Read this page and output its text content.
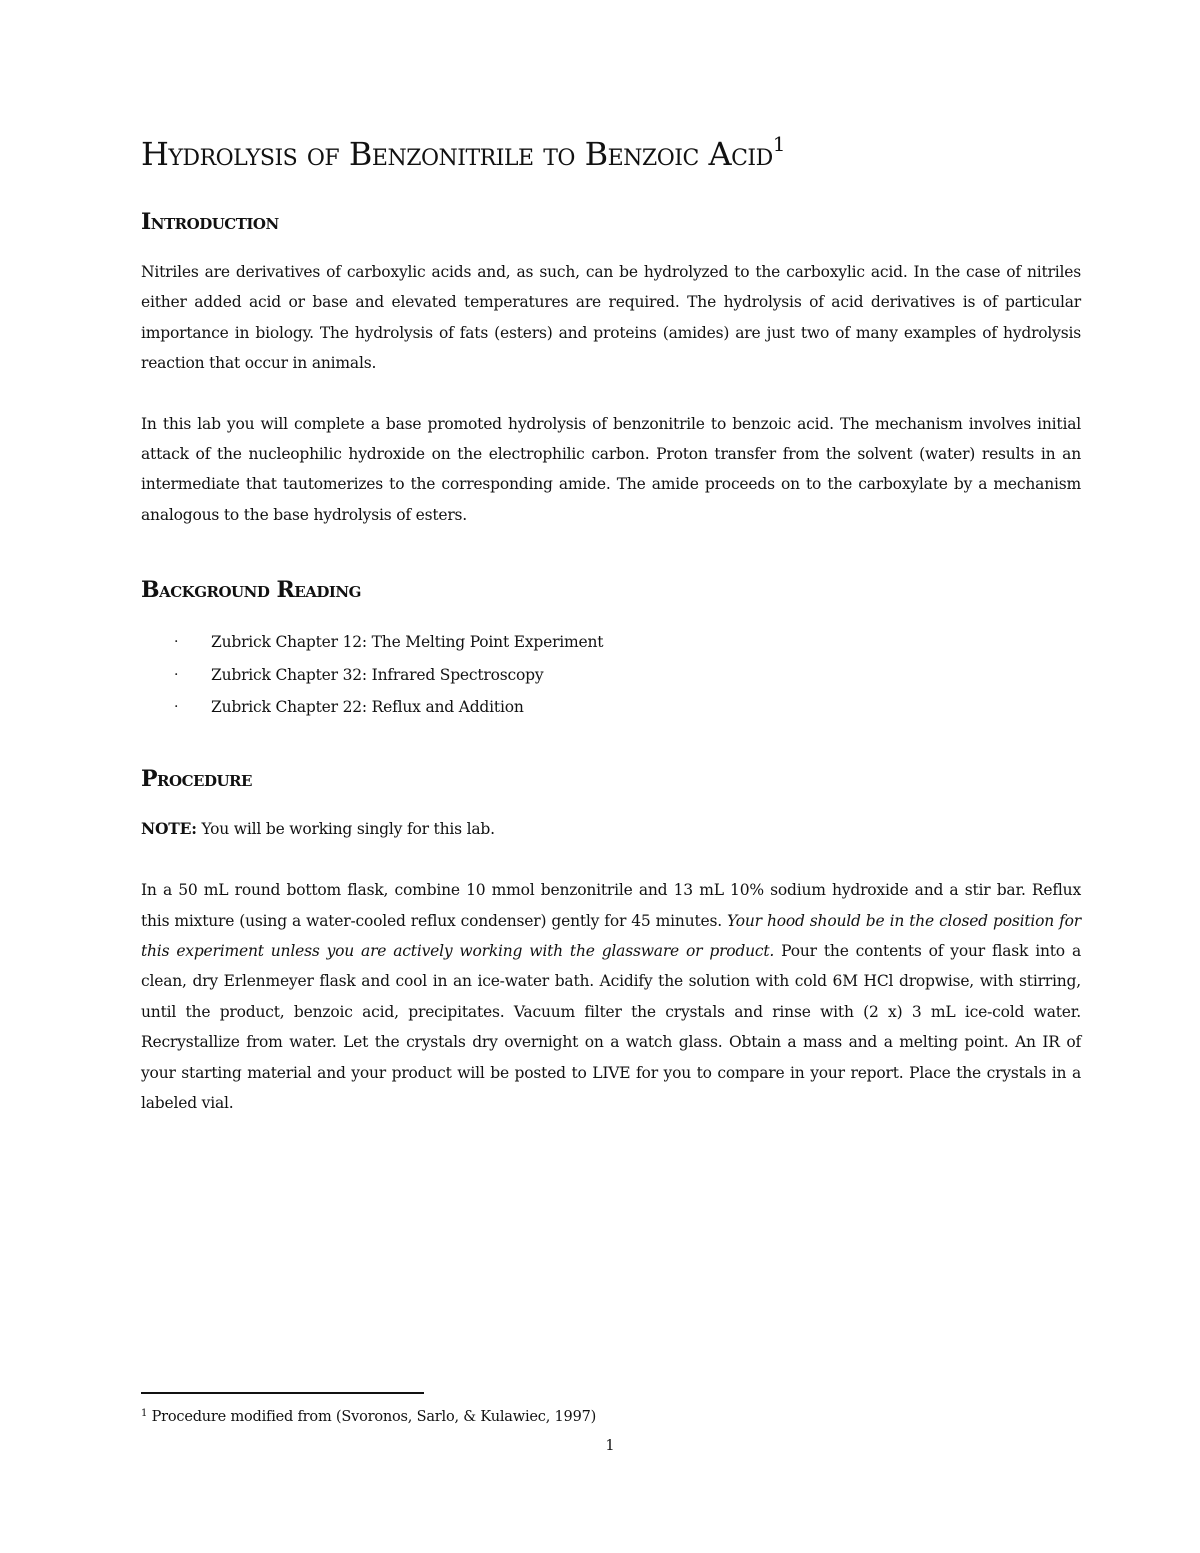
Hydrolysis of Benzonitrile to Benzoic Acid$^1$
Introduction

Nitriles are derivatives of carboxylic acids and, as such, can be hydrolyzed to the carboxylic acid. In the case of nitriles either added acid or base and elevated temperatures are required. The hydrolysis of acid derivatives is of particular importance in biology. The hydrolysis of fats (esters) and proteins (amides) are just two of many examples of hydrolysis reaction that occur in animals.

In this lab you will complete a base promoted hydrolysis of benzonitrile to benzoic acid. The mechanism involves initial attack of the nucleophilic hydroxide on the electrophilic carbon. Proton transfer from the solvent (water) results in an intermediate that tautomerizes to the corresponding amide. The amide proceeds on to the carboxylate by a mechanism analogous to the base hydrolysis of esters.

Background Reading
· Zubrick Chapter 12: The Melting Point Experiment
· Zubrick Chapter 32: Infrared Spectroscopy
· Zubrick Chapter 22: Reflux and Addition
Procedure

NOTE: You will be working singly for this lab.

In a 50 mL round bottom flask, combine 10 mmol benzonitrile and 13 mL 10% sodium hydroxide and a stir bar. Reflux this mixture (using a water-cooled reflux condenser) gently for 45 minutes. Your hood should be in the closed position for this experiment unless you are actively working with the glassware or product. Pour the contents of your flask into a clean, dry Erlenmeyer flask and cool in an ice-water bath. Acidify the solution with cold 6M HCl dropwise, with stirring, until the product, benzoic acid, precipitates. Vacuum filter the crystals and rinse with (2 x) 3 mL ice-cold water. Recrystallize from water. Let the crystals dry overnight on a watch glass. Obtain a mass and a melting point. An IR of your starting material and your product will be posted to LIVE for you to compare in your report. Place the crystals in a labeled vial.

$^1$ Procedure modified from (Svoronos, Sarlo, & Kulawiec, 1997)
1
